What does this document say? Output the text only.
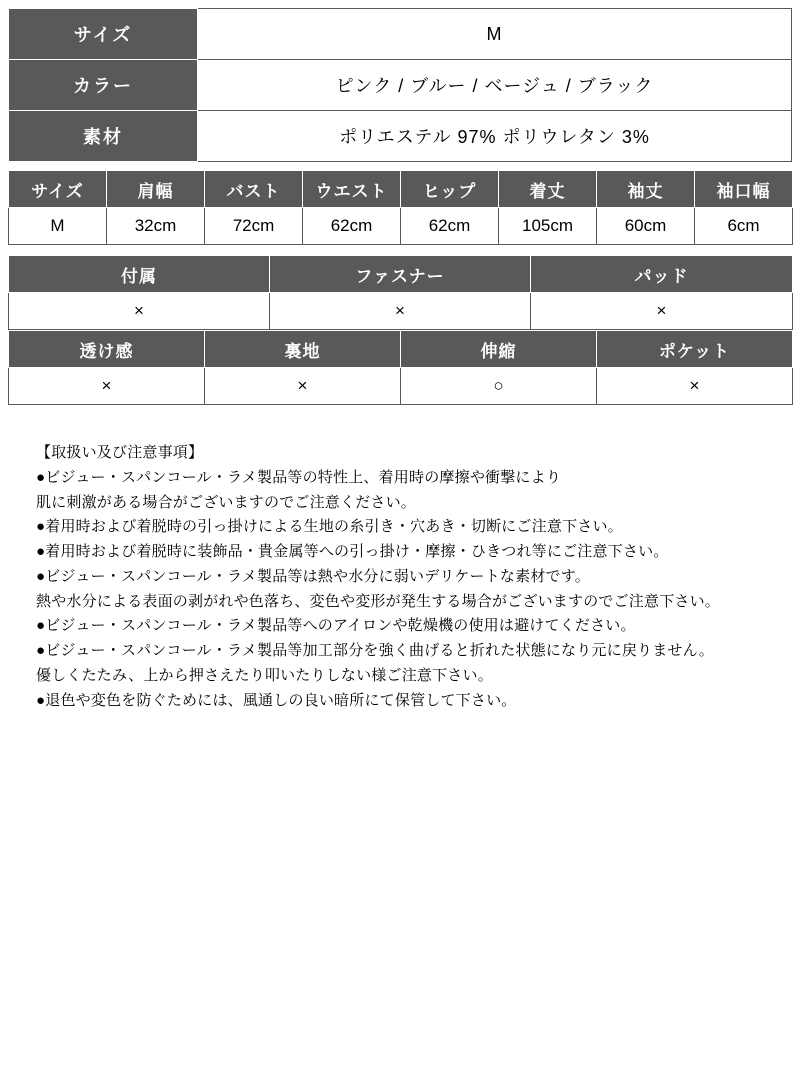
サイズ	M
カラー	ピンク / ブルー / ベージュ / ブラック
素材	ポリエステル 97% ポリウレタン 3%
サイズ	肩幅	バスト	ウエスト	ヒップ	着丈	袖丈	袖口幅
M	32cm	72cm	62cm	62cm	105cm	60cm	6cm
付属	ファスナー	パッド
×	×	×
透け感	裏地	伸縮	ポケット
×	×	○	×
【取扱い及び注意事項】
●ビジュー・スパンコール・ラメ製品等の特性上、着用時の摩擦や衝撃により
肌に刺激がある場合がございますのでご注意ください。
●着用時および着脱時の引っ掛けによる生地の糸引き・穴あき・切断にご注意下さい。
●着用時および着脱時に装飾品・貴金属等への引っ掛け・摩擦・ひきつれ等にご注意下さい。
●ビジュー・スパンコール・ラメ製品等は熱や水分に弱いデリケートな素材です。
熱や水分による表面の剥がれや色落ち、変色や変形が発生する場合がございますのでご注意下さい。
●ビジュー・スパンコール・ラメ製品等へのアイロンや乾燥機の使用は避けてください。
●ビジュー・スパンコール・ラメ製品等加工部分を強く曲げると折れた状態になり元に戻りません。
優しくたたみ、上から押さえたり叩いたりしない様ご注意下さい。
●退色や変色を防ぐためには、風通しの良い暗所にて保管して下さい。
